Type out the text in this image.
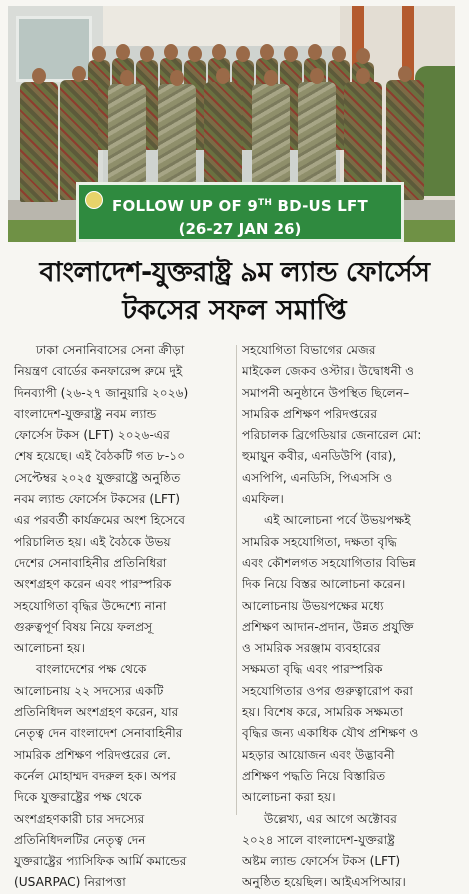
FOLLOW UP OF 9TH BD-US LFT
(26-27 JAN 26)
বাংলাদেশ-যুক্তরাষ্ট্র ৯ম ল্যান্ড ফোর্সেস
টকসের সফল সমাপ্তি
ঢাকা সেনানিবাসের সেনা ক্রীড়া
নিয়ন্ত্রণ বোর্ডের কনফারেন্স রুমে দুই
দিনব্যাপী (২৬-২৭ জানুয়ারি ২০২৬)
বাংলাদেশ-যুক্তরাষ্ট্র নবম ল্যান্ড
ফোর্সেস টকস (LFT) ২০২৬-এর
শেষ হয়েছে। এই বৈঠকটি গত ৮-১০
সেপ্টেম্বর ২০২৫ যুক্তরাষ্ট্রে অনুষ্ঠিত
নবম ল্যান্ড ফোর্সেস টকসের (LFT)
এর পরবর্তী কার্যক্রমের অংশ হিসেবে
পরিচালিত হয়। এই বৈঠকে উভয়
দেশের সেনাবাহিনীর প্রতিনিধিরা
অংশগ্রহণ করেন এবং পারস্পরিক
সহযোগিতা বৃদ্ধির উদ্দেশ্যে নানা
গুরুত্বপূর্ণ বিষয় নিয়ে ফলপ্রসূ
আলোচনা হয়।
বাংলাদেশের পক্ষ থেকে
আলোচনায় ২২ সদস্যের একটি
প্রতিনিধিদল অংশগ্রহণ করেন, যার
নেতৃত্ব দেন বাংলাদেশ সেনাবাহিনীর
সামরিক প্রশিক্ষণ পরিদপ্তরের লে.
কর্নেল মোহাম্মদ বদরুল হক। অপর
দিকে যুক্তরাষ্ট্রের পক্ষ থেকে
অংশগ্রহণকারী চার সদস্যের
প্রতিনিধিদলটির নেতৃত্ব দেন
যুক্তরাষ্ট্রের প্যাসিফিক আর্মি কমান্ডের
(USARPAC) নিরাপত্তা
সহযোগিতা বিভাগের মেজর
মাইকেল জেকব ওস্টার। উদ্বোধনী ও
সমাপনী অনুষ্ঠানে উপস্থিত ছিলেন–
সামরিক প্রশিক্ষণ পরিদপ্তরের
পরিচালক ব্রিগেডিয়ার জেনারেল মো:
হুমায়ুন কবীর, এনডিউপি (বার),
এসপিপি, এনডিসি, পিএসসি ও
এমফিল।
এই আলোচনা পর্বে উভয়পক্ষই
সামরিক সহযোগিতা, দক্ষতা বৃদ্ধি
এবং কৌশলগত সহযোগিতার বিভিন্ন
দিক নিয়ে বিস্তর আলোচনা করেন।
আলোচনায় উভয়পক্ষের মধ্যে
প্রশিক্ষণ আদান-প্রদান, উন্নত প্রযুক্তি
ও সামরিক সরঞ্জাম ব্যবহারের
সক্ষমতা বৃদ্ধি এবং পারস্পরিক
সহযোগিতার ওপর গুরুত্বারোপ করা
হয়। বিশেষ করে, সামরিক সক্ষমতা
বৃদ্ধির জন্য একাধিক যৌথ প্রশিক্ষণ ও
মহড়ার আয়োজন এবং উদ্ভাবনী
প্রশিক্ষণ পদ্ধতি নিয়ে বিস্তারিত
আলোচনা করা হয়।
উল্লেখ্য, এর আগে অক্টোবর
২০২৪ সালে বাংলাদেশ-যুক্তরাষ্ট্র
অষ্টম ল্যান্ড ফোর্সেস টকস (LFT)
অনুষ্ঠিত হয়েছিল। আইএসপিআর।
